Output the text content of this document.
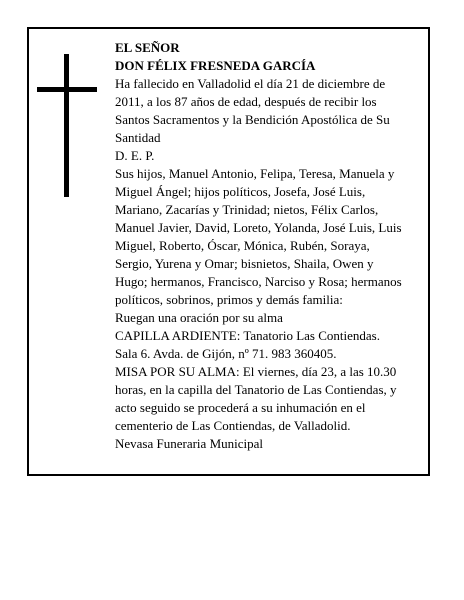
EL SEÑOR
DON FÉLIX FRESNEDA GARCÍA
Ha fallecido en Valladolid el día 21 de diciembre de
2011, a los 87 años de edad, después de recibir los
Santos Sacramentos y la Bendición Apostólica de Su
Santidad
D. E. P.
Sus hijos, Manuel Antonio, Felipa, Teresa, Manuela y
Miguel Ángel; hijos políticos, Josefa, José Luis,
Mariano, Zacarías y Trinidad; nietos, Félix Carlos,
Manuel Javier, David, Loreto, Yolanda, José Luis, Luis
Miguel, Roberto, Óscar, Mónica, Rubén, Soraya,
Sergio, Yurena y Omar; bisnietos, Shaila, Owen y
Hugo; hermanos, Francisco, Narciso y Rosa; hermanos
políticos, sobrinos, primos y demás familia:
Ruegan una oración por su alma
CAPILLA ARDIENTE: Tanatorio Las Contiendas.
Sala 6. Avda. de Gijón, nº 71. 983 360405.
MISA POR SU ALMA: El viernes, día 23, a las 10.30
horas, en la capilla del Tanatorio de Las Contiendas, y
acto seguido se procederá a su inhumación en el
cementerio de Las Contiendas, de Valladolid.
Nevasa Funeraria Municipal
